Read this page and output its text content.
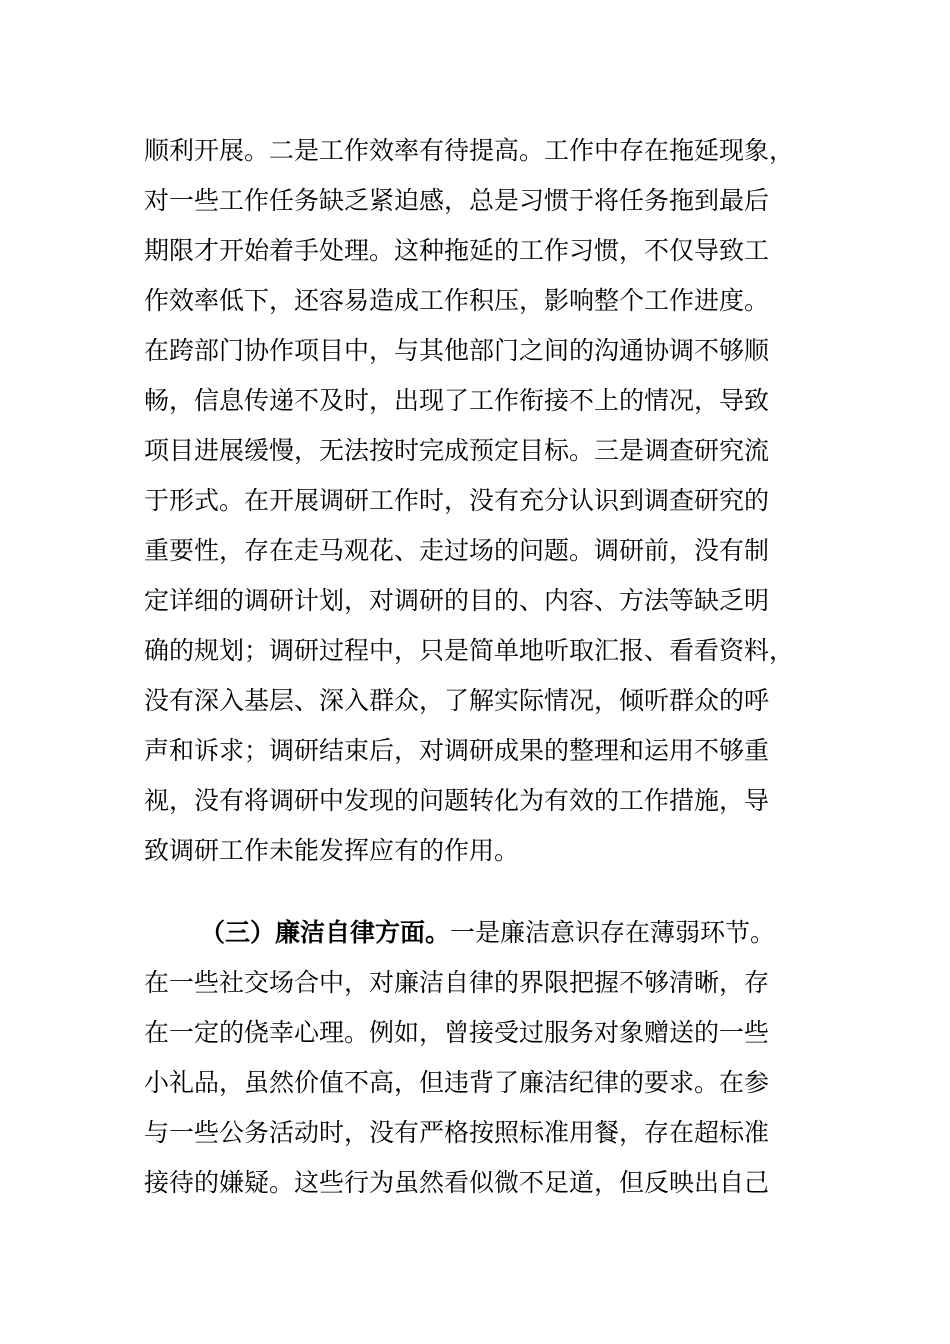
顺利开展。二是工作效率有待提高。工作中存在拖延现象，
对一些工作任务缺乏紧迫感，总是习惯于将任务拖到最后
期限才开始着手处理。这种拖延的工作习惯，不仅导致工
作效率低下，还容易造成工作积压，影响整个工作进度。
在跨部门协作项目中，与其他部门之间的沟通协调不够顺
畅，信息传递不及时，出现了工作衔接不上的情况，导致
项目进展缓慢，无法按时完成预定目标。三是调查研究流
于形式。在开展调研工作时，没有充分认识到调查研究的
重要性，存在走马观花、走过场的问题。调研前，没有制
定详细的调研计划，对调研的目的、内容、方法等缺乏明
确的规划；调研过程中，只是简单地听取汇报、看看资料，
没有深入基层、深入群众，了解实际情况，倾听群众的呼
声和诉求；调研结束后，对调研成果的整理和运用不够重
视，没有将调研中发现的问题转化为有效的工作措施，导
致调研工作未能发挥应有的作用。
（三）廉洁自律方面。一是廉洁意识存在薄弱环节。
在一些社交场合中，对廉洁自律的界限把握不够清晰，存
在一定的侥幸心理。例如，曾接受过服务对象赠送的一些
小礼品，虽然价值不高，但违背了廉洁纪律的要求。在参
与一些公务活动时，没有严格按照标准用餐，存在超标准
接待的嫌疑。这些行为虽然看似微不足道，但反映出自己
